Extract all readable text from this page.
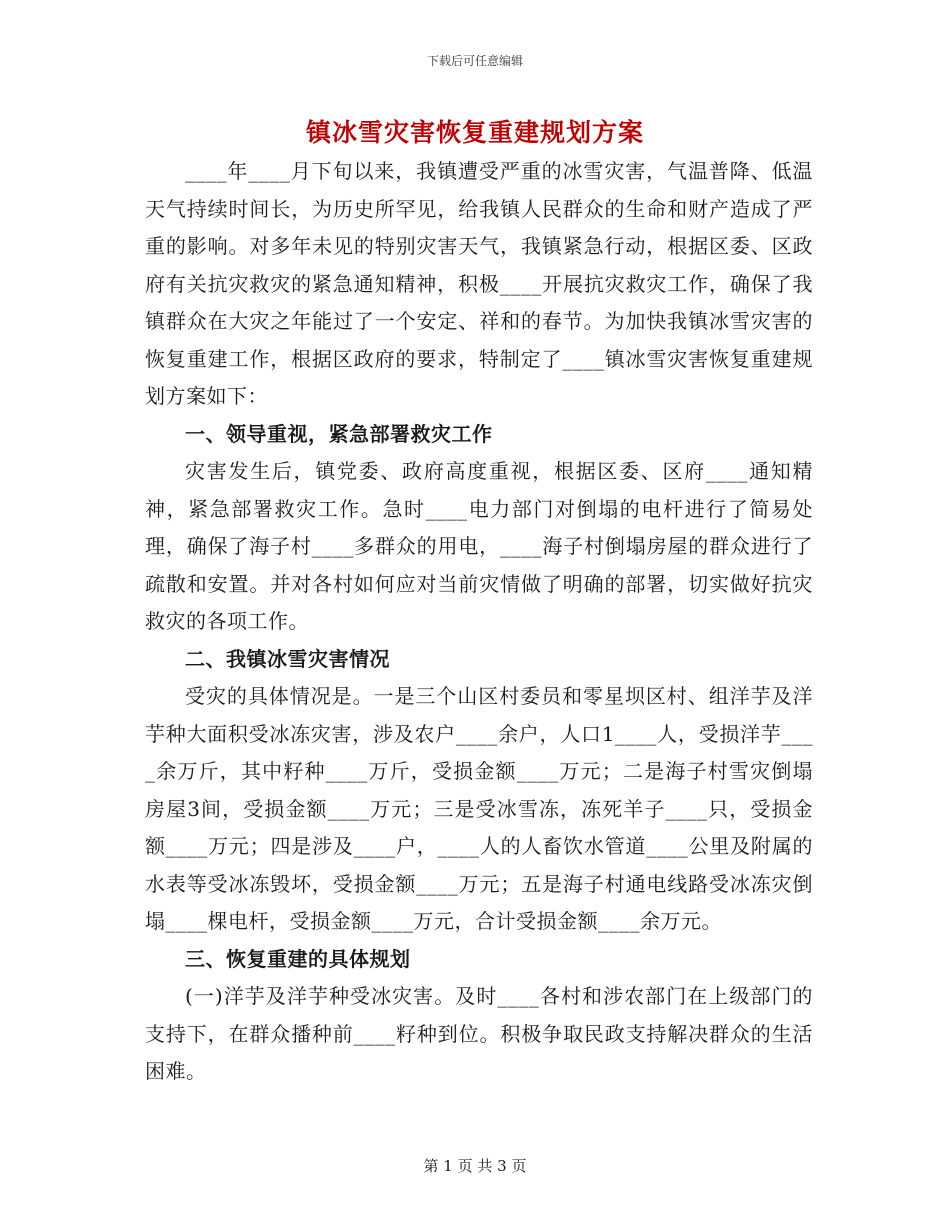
下载后可任意编辑
镇冰雪灾害恢复重建规划方案

____年____月下旬以来，我镇遭受严重的冰雪灾害，气温普降、低温天气持续时间长，为历史所罕见，给我镇人民群众的生命和财产造成了严重的影响。对多年未见的特别灾害天气，我镇紧急行动，根据区委、区政府有关抗灾救灾的紧急通知精神，积极____开展抗灾救灾工作，确保了我镇群众在大灾之年能过了一个安定、祥和的春节。为加快我镇冰雪灾害的恢复重建工作，根据区政府的要求，特制定了____镇冰雪灾害恢复重建规划方案如下：

一、领导重视，紧急部署救灾工作

灾害发生后，镇党委、政府高度重视，根据区委、区府____通知精神，紧急部署救灾工作。急时____电力部门对倒塌的电杆进行了简易处理，确保了海子村____多群众的用电，____海子村倒塌房屋的群众进行了疏散和安置。并对各村如何应对当前灾情做了明确的部署，切实做好抗灾救灾的各项工作。

二、我镇冰雪灾害情况

受灾的具体情况是。一是三个山区村委员和零星坝区村、组洋芋及洋芋种大面积受冰冻灾害，涉及农户____余户，人口1____人，受损洋芋____余万斤，其中籽种____万斤，受损金额____万元；二是海子村雪灾倒塌房屋3间，受损金额____万元；三是受冰雪冻，冻死羊子____只，受损金额____万元；四是涉及____户，____人的人畜饮水管道____公里及附属的水表等受冰冻毁坏，受损金额____万元；五是海子村通电线路受冰冻灾倒塌____棵电杆，受损金额____万元，合计受损金额____余万元。

三、恢复重建的具体规划

(一)洋芋及洋芋种受冰灾害。及时____各村和涉农部门在上级部门的支持下，在群众播种前____籽种到位。积极争取民政支持解决群众的生活困难。

第 1 页 共 3 页
